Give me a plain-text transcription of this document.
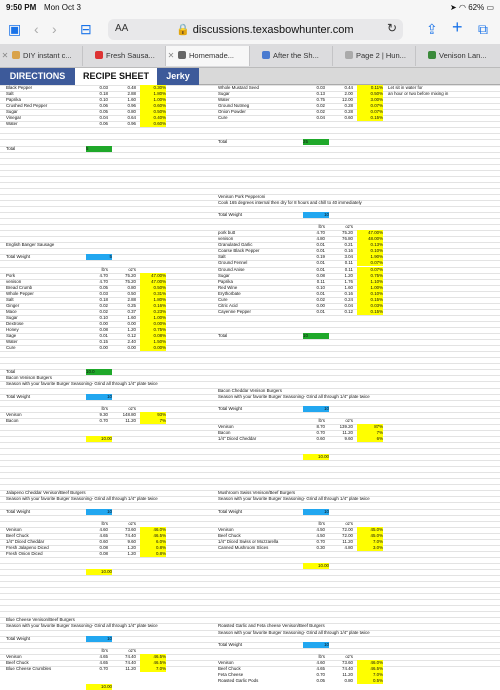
9:50 PM Mon Oct 3	➤ ◠ 62% ▭
▣ ‹ › ⊟ AA	🔒 discussions.texasbowhunter.com	↻ ⇪ + ⧉
✕ DIY instant c...	Fresh Sausa...	✕ Homemade...	After the Sh...	Page 2 | Hun...	Venison Lan...
DIRECTIONS	RECIPE SHEET	Jerky
Black Pepper	0.03	0.48	0.30%
Salt	0.18	2.88	1.80%
Paprika	0.10	1.60	1.00%
Crushed Red Pepper	0.06	0.96	0.60%
Sugar	0.05	0.80	0.50%
Vinegar	0.04	0.64	0.40%
Water	0.06	0.96	0.60%
Total	5
English Banger Sausage
Total Weight	5
lb's	oz's
Pork	4.70	75.20	47.00%
venison	4.70	75.20	47.00%
Bread Crumb	0.05	0.80	0.50%
Whole Pepper	0.03	0.50	0.31%
Salt	0.18	2.88	1.80%
Ginger	0.02	0.25	0.16%
Mace	0.02	0.37	0.23%
Sugar	0.10	1.60	1.00%
Dextrose	0.00	0.00	0.00%
Honey	0.08	1.20	0.75%
Sage	0.01	0.12	0.08%
Water	0.15	2.40	1.50%
Cure	0.00	0.00	0.00%
Total	10.0
Bacon Venison Burgers
Season with your favorite Burger Seasoning- Grind all through 1/4" plate twice
Total Weight	10
lb's	oz's
Venison	9.30	148.80	93%
Bacon	0.70	11.20	7%
10.00
Jalapeno Cheddar Venison/Beef Burgers
Season with your favorite Burger Seasoning- Grind all through 1/4" plate twice
Total Weight	10
lb's	oz's
Venison	4.60	73.60	46.0%
Beef Chuck	4.65	74.40	46.5%
1/4" Diced Cheddar	0.60	9.60	6.0%
Fresh Jalapeno Diced	0.08	1.20	0.8%
Fresh Onion Diced	0.08	1.20	0.8%
10.00
Blue Cheese Venison/Beef Burgers
Season with your favorite Burger Seasoning- Grind all through 1/4" plate twice
Total Weight	10
lb's	oz's
Venison	4.65	74.40	46.5%
Beef Chuck	4.65	74.40	46.5%
Blue Cheese Crumbles	0.70	11.20	7.0%
10.00
Whole Mustard Seed	0.03	0.44	0.11% Let sit in water for
Sugar	0.13	2.00	0.50% an hour or two before mixing in
Water	0.75	12.00	3.00%
Ground Nutmeg	0.02	0.28	0.07%
Onion Powder	0.02	0.28	0.07%
Cure	0.04	0.60	0.15%
Total	25
Venison Pork Pepperoni
Cook 165 degrees internal then dry for 8 hours and chill to 40 immediately
Total Weight	10
lb's	oz's
pork butt	4.70	75.20	47.00%
venison	4.80	76.80	48.00%
Granulated Garlic	0.01	0.21	0.13%
Coarse Black Pepper	0.01	0.16	0.10%
Salt	0.19	3.04	1.90%
Ground Fennel	0.01	0.11	0.07%
Ground Anise	0.01	0.11	0.07%
Sugar	0.08	1.20	0.75%
Paprika	0.11	1.76	1.10%
Red Wine	0.10	1.60	1.00%
Erythorbate	0.01	0.16	0.10%
Cure	0.02	0.24	0.15%
Citric Acid	0.00	0.04	0.03%
Cayenne Pepper	0.01	0.12	0.15%
Total	10
Bacon Cheddar Venison Burgers
Season with your favorite Burger Seasoning- Grind all through 1/4" plate twice
Total Weight	10
lb's	oz's
Venison	8.70	139.20	87%
Bacon	0.70	11.20	7%
1/4" Diced Cheddar	0.60	9.60	6%
10.00
Mushroom Swiss Venison/Beef Burgers
Season with your favorite Burger Seasoning- Grind all through 1/4" plate twice
Total Weight	10
lb's	oz's
Venison	4.50	72.00	45.0%
Beef Chuck	4.50	72.00	45.0%
1/4" Diced Swiss or Mozzarella	0.70	11.20	7.0%
Canned Mushroom Slices	0.30	4.80	3.0%
10.00
Roasted Garlic and Feta cheese Venison/Beef Burgers
Season with your favorite Burger Seasoning- Grind all through 1/4" plate twice
Total Weight	10
lb's	oz's
Venison	4.60	73.60	46.0%
Beef Chuck	4.65	74.40	46.5%
Feta Cheese	0.70	11.20	7.0%
Roasted Garlic Pods	0.05	0.80	0.5%
